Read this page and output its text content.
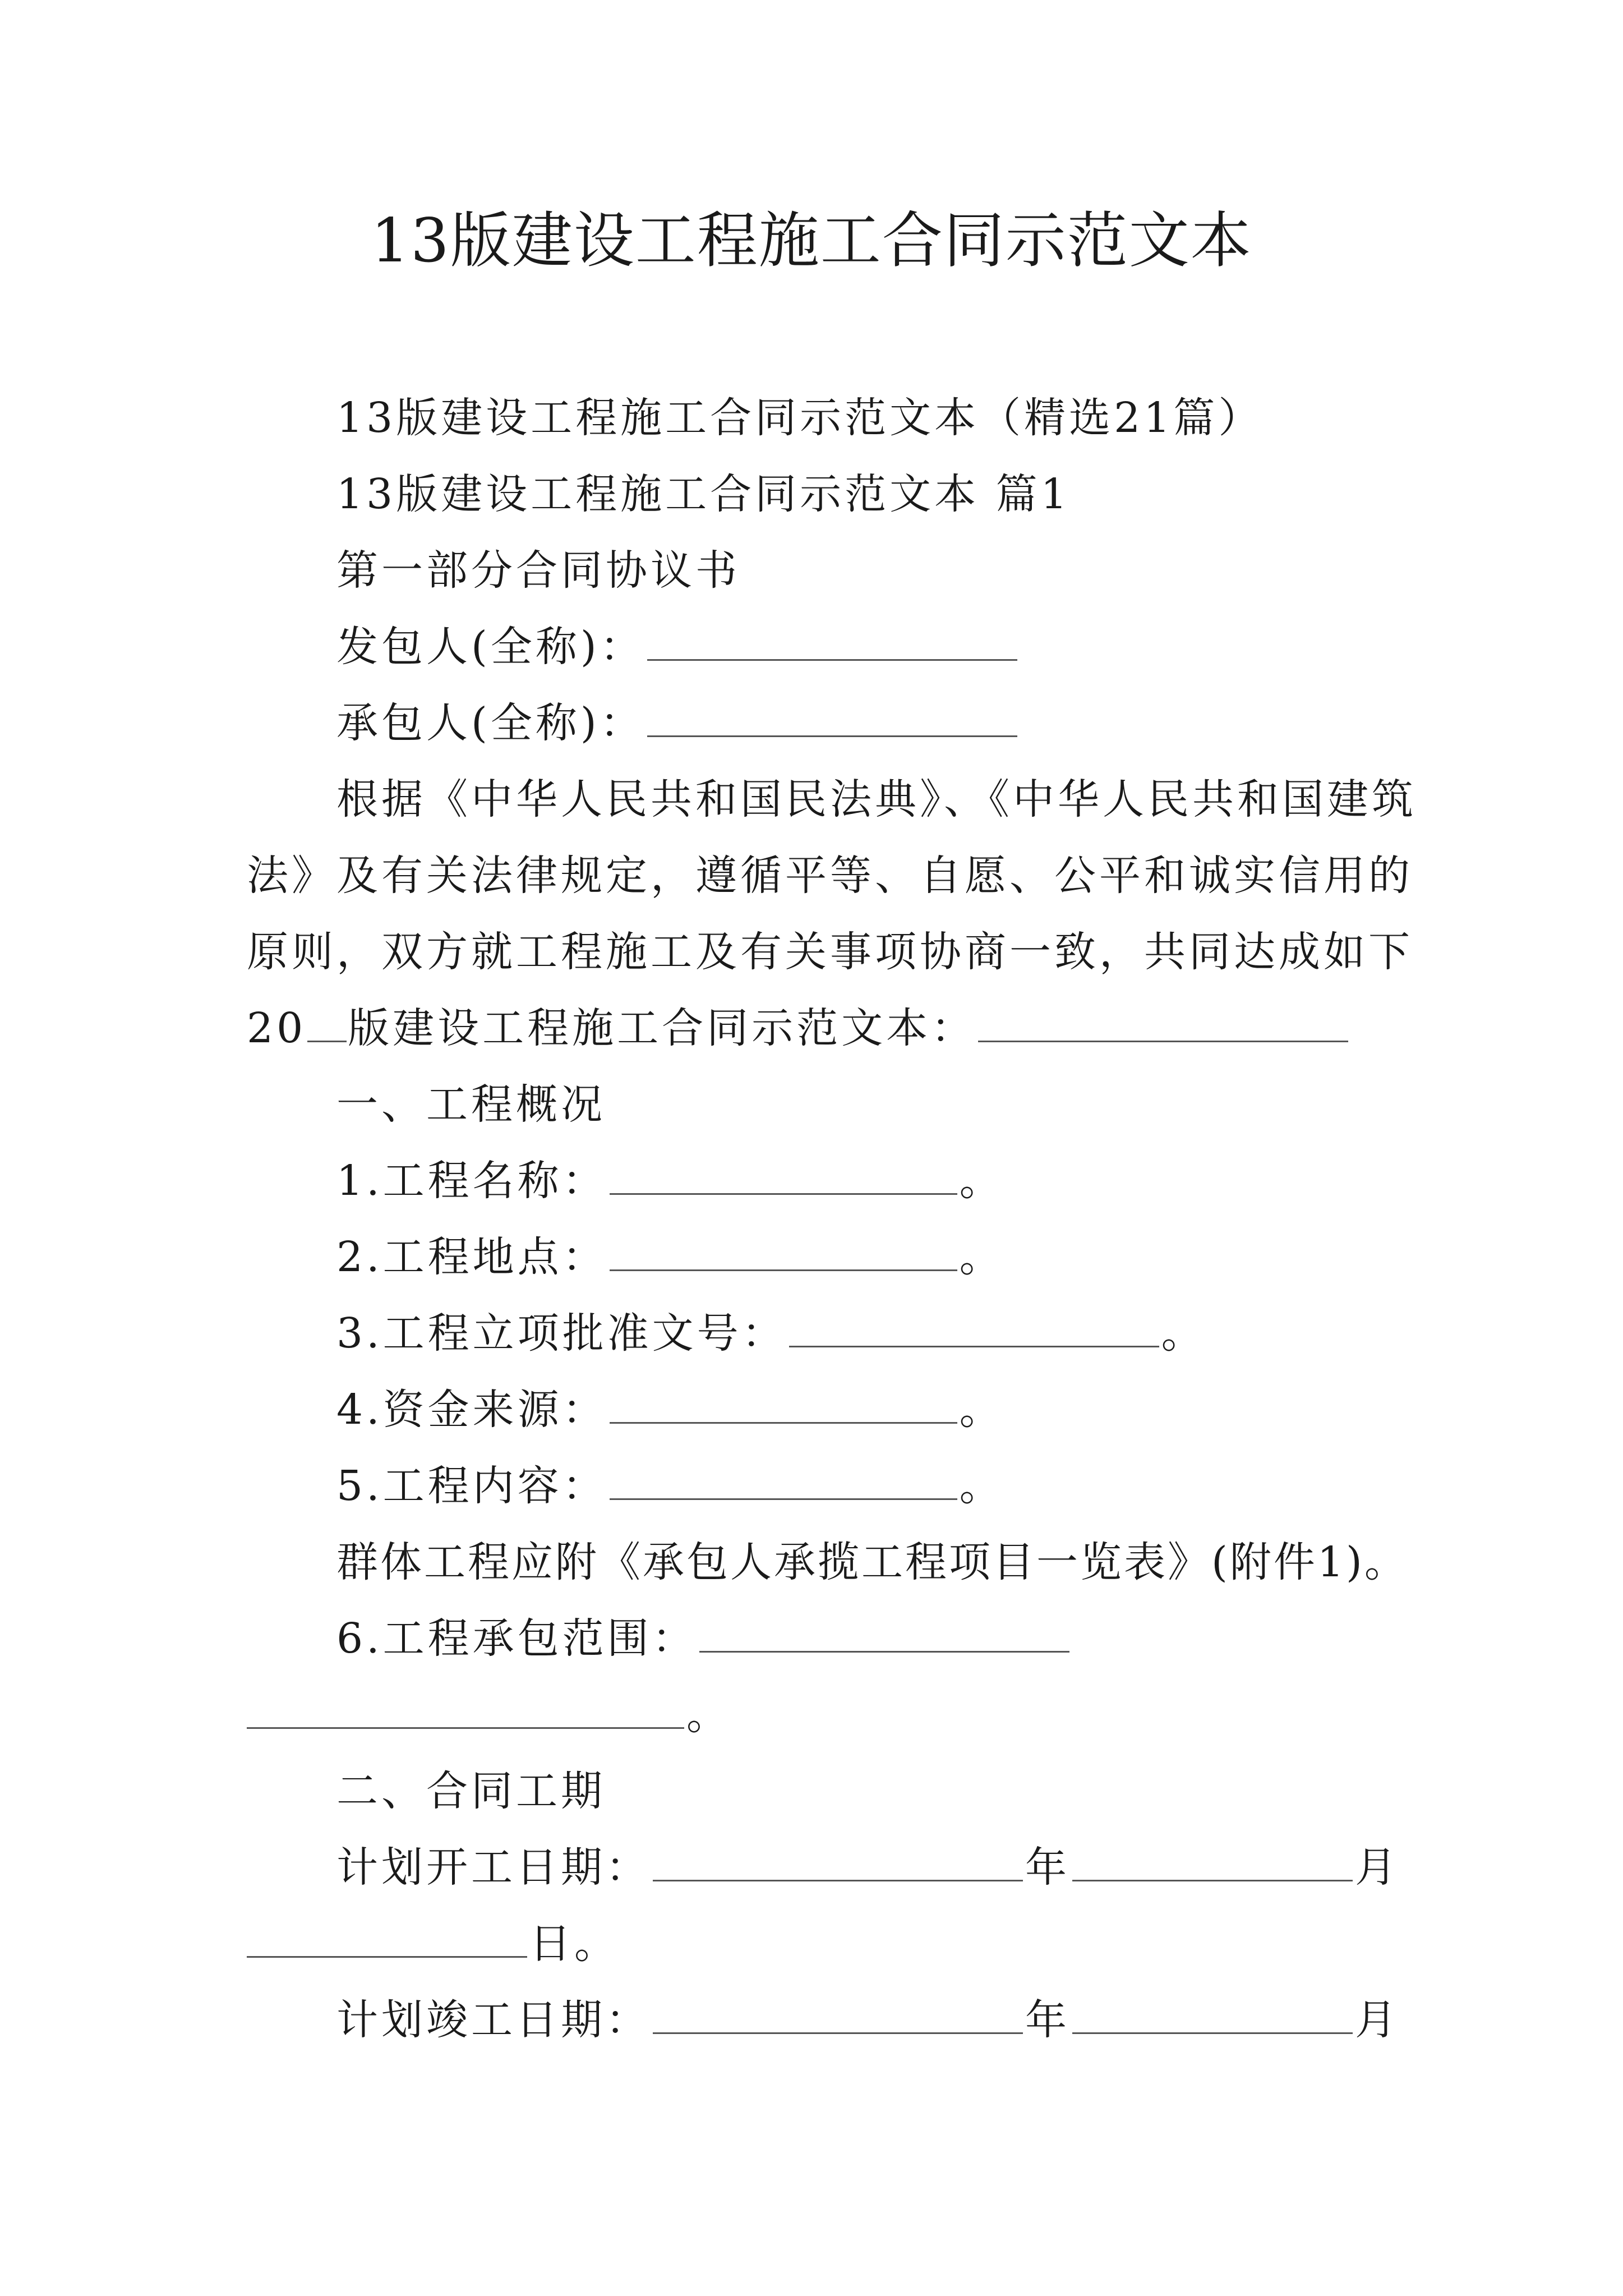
13版建设工程施工合同示范文本
13版建设工程施工合同示范文本（精选21篇）
13版建设工程施工合同示范文本 篇1
第一部分合同协议书
发包人(全称)：
承包人(全称)：
根据《中华人民共和国民法典》、《中华人民共和国建筑
法》及有关法律规定，遵循平等、自愿、公平和诚实信用的
原则，双方就工程施工及有关事项协商一致，共同达成如下
20 版建设工程施工合同示范文本：
一、工程概况
1.工程名称：	。
2.工程地点：	。
3.工程立项批准文号：	。
4.资金来源：	。
5.工程内容：	。
群体工程应附《承包人承揽工程项目一览表》(附件1)。
6.工程承包范围：
。
二、合同工期
计划开工日期：	年	月
日。
计划竣工日期：	年	月
